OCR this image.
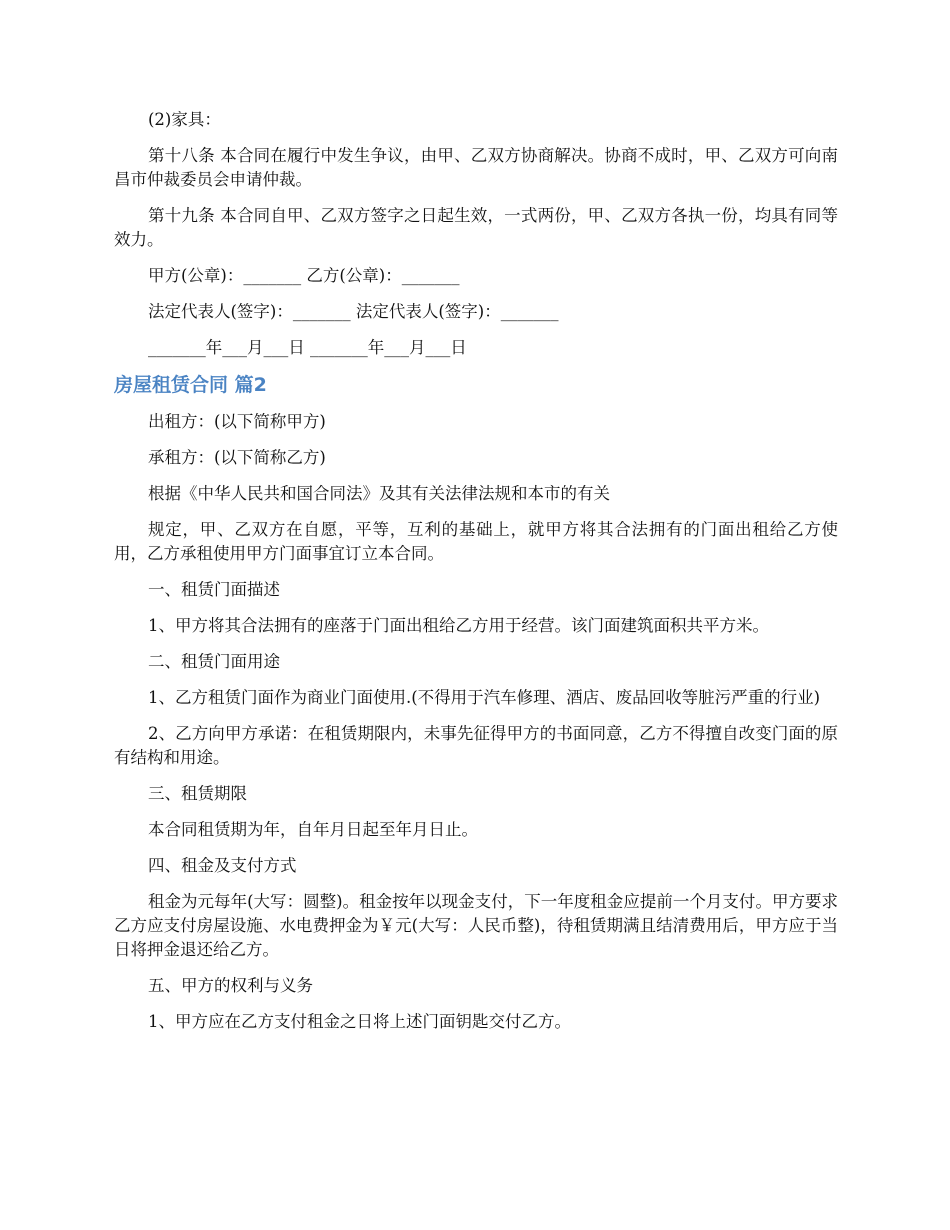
(2)家具：

第十八条 本合同在履行中发生争议，由甲、乙双方协商解决。协商不成时，甲、乙双方可向南昌市仲裁委员会申请仲裁。

第十九条 本合同自甲、乙双方签字之日起生效，一式两份，甲、乙双方各执一份，均具有同等效力。

甲方(公章)：_______ 乙方(公章)：_______

法定代表人(签字)：_______ 法定代表人(签字)：_______

_______年___月___日 _______年___月___日

房屋租赁合同 篇2

出租方：(以下简称甲方)

承租方：(以下简称乙方)

根据《中华人民共和国合同法》及其有关法律法规和本市的有关

规定，甲、乙双方在自愿，平等，互利的基础上，就甲方将其合法拥有的门面出租给乙方使用，乙方承租使用甲方门面事宜订立本合同。

一、租赁门面描述

1、甲方将其合法拥有的座落于门面出租给乙方用于经营。该门面建筑面积共平方米。

二、租赁门面用途

1、乙方租赁门面作为商业门面使用.(不得用于汽车修理、酒店、废品回收等脏污严重的行业)

2、乙方向甲方承诺：在租赁期限内，未事先征得甲方的书面同意，乙方不得擅自改变门面的原有结构和用途。

三、租赁期限

本合同租赁期为年，自年月日起至年月日止。

四、租金及支付方式

租金为元每年(大写：圆整)。租金按年以现金支付，下一年度租金应提前一个月支付。甲方要求乙方应支付房屋设施、水电费押金为￥元(大写：人民币整)，待租赁期满且结清费用后，甲方应于当日将押金退还给乙方。

五、甲方的权利与义务

1、甲方应在乙方支付租金之日将上述门面钥匙交付乙方。
